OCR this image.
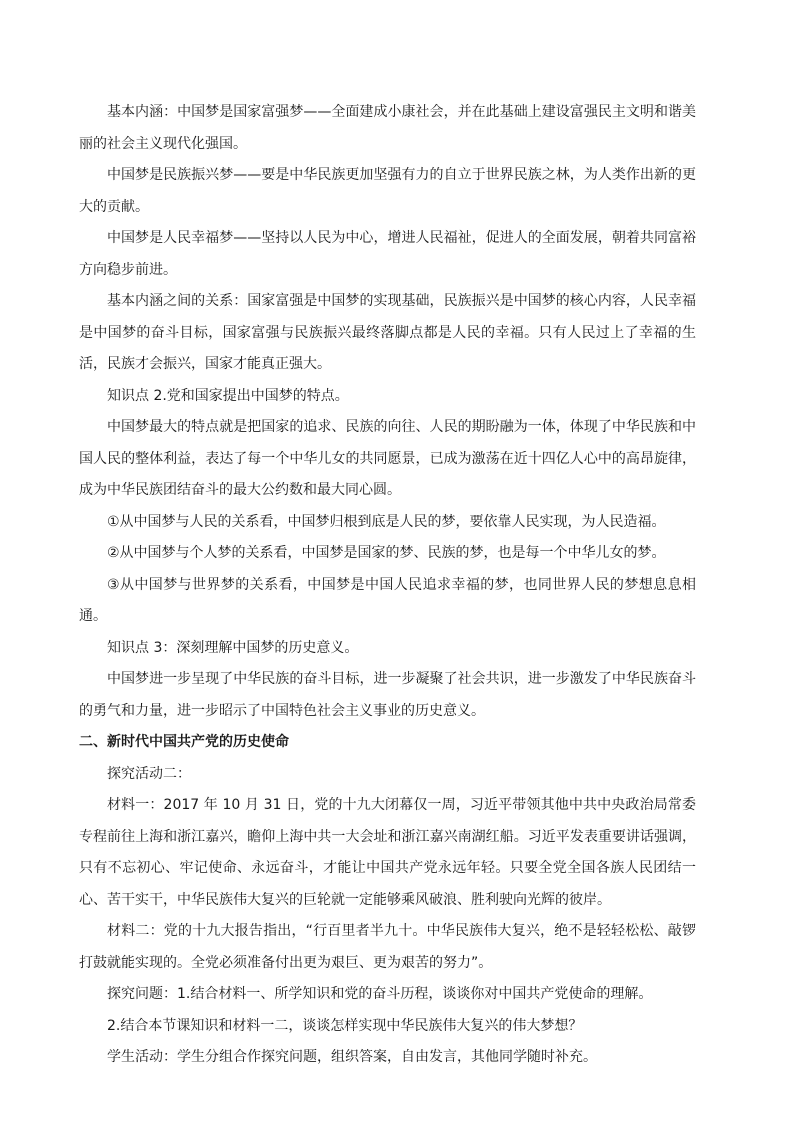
基本内涵：中国梦是国家富强梦——全面建成小康社会，并在此基础上建设富强民主文明和谐美丽的社会主义现代化强国。

中国梦是民族振兴梦——要是中华民族更加坚强有力的自立于世界民族之林，为人类作出新的更大的贡献。

中国梦是人民幸福梦——坚持以人民为中心，增进人民福祉，促进人的全面发展，朝着共同富裕方向稳步前进。

基本内涵之间的关系：国家富强是中国梦的实现基础，民族振兴是中国梦的核心内容，人民幸福是中国梦的奋斗目标，国家富强与民族振兴最终落脚点都是人民的幸福。只有人民过上了幸福的生活，民族才会振兴，国家才能真正强大。

知识点 2.党和国家提出中国梦的特点。

中国梦最大的特点就是把国家的追求、民族的向往、人民的期盼融为一体，体现了中华民族和中国人民的整体利益，表达了每一个中华儿女的共同愿景，已成为激荡在近十四亿人心中的高昂旋律，成为中华民族团结奋斗的最大公约数和最大同心圆。

①从中国梦与人民的关系看，中国梦归根到底是人民的梦，要依靠人民实现，为人民造福。

②从中国梦与个人梦的关系看，中国梦是国家的梦、民族的梦，也是每一个中华儿女的梦。

③从中国梦与世界梦的关系看，中国梦是中国人民追求幸福的梦，也同世界人民的梦想息息相通。

知识点 3：深刻理解中国梦的历史意义。

中国梦进一步呈现了中华民族的奋斗目标，进一步凝聚了社会共识，进一步激发了中华民族奋斗的勇气和力量，进一步昭示了中国特色社会主义事业的历史意义。

二、新时代中国共产党的历史使命

探究活动二：

材料一：2017 年 10 月 31 日，党的十九大闭幕仅一周，习近平带领其他中共中央政治局常委专程前往上海和浙江嘉兴，瞻仰上海中共一大会址和浙江嘉兴南湖红船。习近平发表重要讲话强调，只有不忘初心、牢记使命、永远奋斗，才能让中国共产党永远年轻。只要全党全国各族人民团结一心、苦干实干，中华民族伟大复兴的巨轮就一定能够乘风破浪、胜利驶向光辉的彼岸。

材料二：党的十九大报告指出，“行百里者半九十。中华民族伟大复兴，绝不是轻轻松松、敲锣打鼓就能实现的。全党必须准备付出更为艰巨、更为艰苦的努力”。

探究问题：1.结合材料一、所学知识和党的奋斗历程，谈谈你对中国共产党使命的理解。

2.结合本节课知识和材料一二，谈谈怎样实现中华民族伟大复兴的伟大梦想？

学生活动：学生分组合作探究问题，组织答案，自由发言，其他同学随时补充。
